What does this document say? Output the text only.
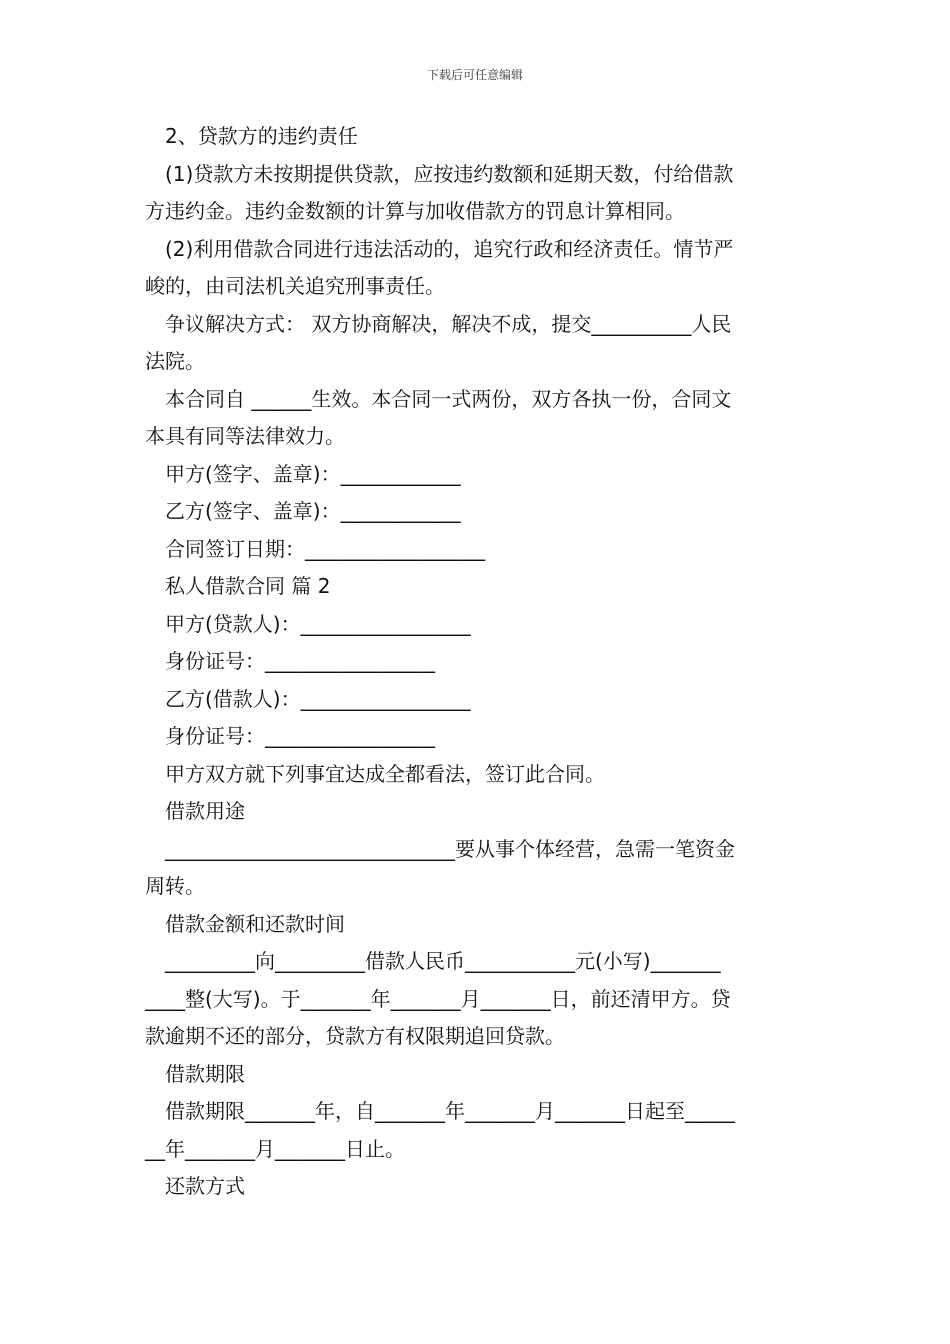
下载后可任意编辑

2、贷款方的违约责任

(1)贷款方未按期提供贷款，应按违约数额和延期天数，付给借款

方违约金。违约金数额的计算与加收借款方的罚息计算相同。

(2)利用借款合同进行违法活动的，追究行政和经济责任。情节严

峻的，由司法机关追究刑事责任。

争议解决方式： 双方协商解决，解决不成，提交__________人民

法院。

本合同自 ______生效。本合同一式两份，双方各执一份，合同文

本具有同等法律效力。

甲方(签字、盖章)：____________

乙方(签字、盖章)：____________

合同签订日期：__________________

私人借款合同 篇 2

甲方(贷款人)：_________________

身份证号：_________________

乙方(借款人)：_________________

身份证号：_________________

甲方双方就下列事宜达成全都看法，签订此合同。

借款用途

_____________________________要从事个体经营，急需一笔资金

周转。

借款金额和还款时间

_________向_________借款人民币___________元(小写)_______

____整(大写)。于_______年_______月_______日，前还清甲方。贷

款逾期不还的部分，贷款方有权限期追回贷款。

借款期限

借款期限_______年，自_______年_______月_______日起至_____

__年_______月_______日止。

还款方式
